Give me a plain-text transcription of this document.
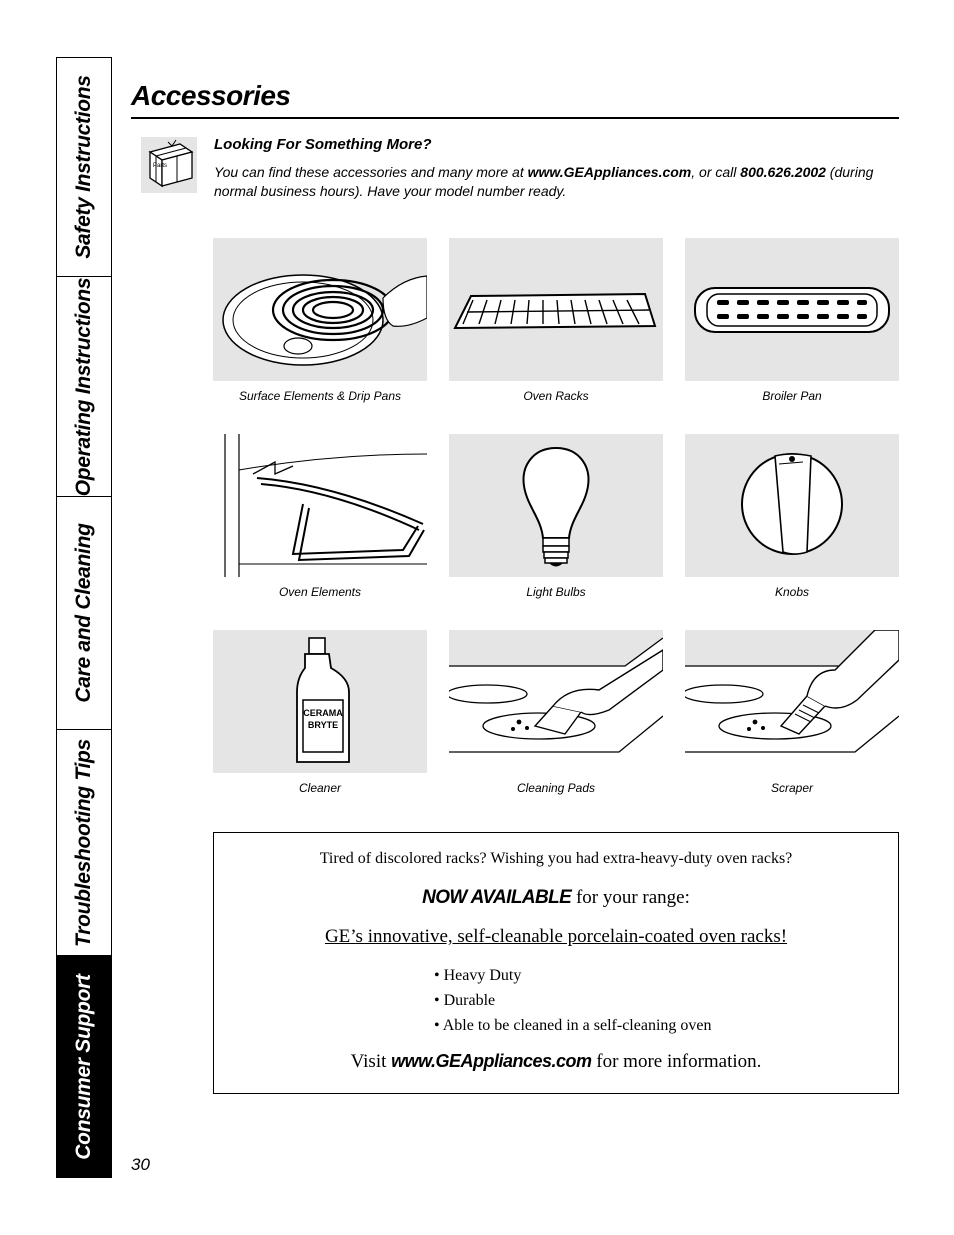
Safety Instructions
Operating Instructions
Care and Cleaning
Troubleshooting Tips
Consumer Support
Accessories
Parts
Looking For Something More?
You can find these accessories and many more at www.GEAppliances.com, or call 800.626.2002 (during normal business hours). Have your model number ready.
Surface Elements & Drip Pans	Oven Racks	Broiler Pan
Oven Elements	Light Bulbs	Knobs
CERAMA
BRYTE
Cleaner	Cleaning Pads	Scraper
Tired of discolored racks? Wishing you had extra-heavy-duty oven racks?
NOW AVAILABLE for your range:
GE’s innovative, self-cleanable porcelain-coated oven racks!
• Heavy Duty
• Durable
• Able to be cleaned in a self-cleaning oven
Visit www.GEAppliances.com for more information.
30
